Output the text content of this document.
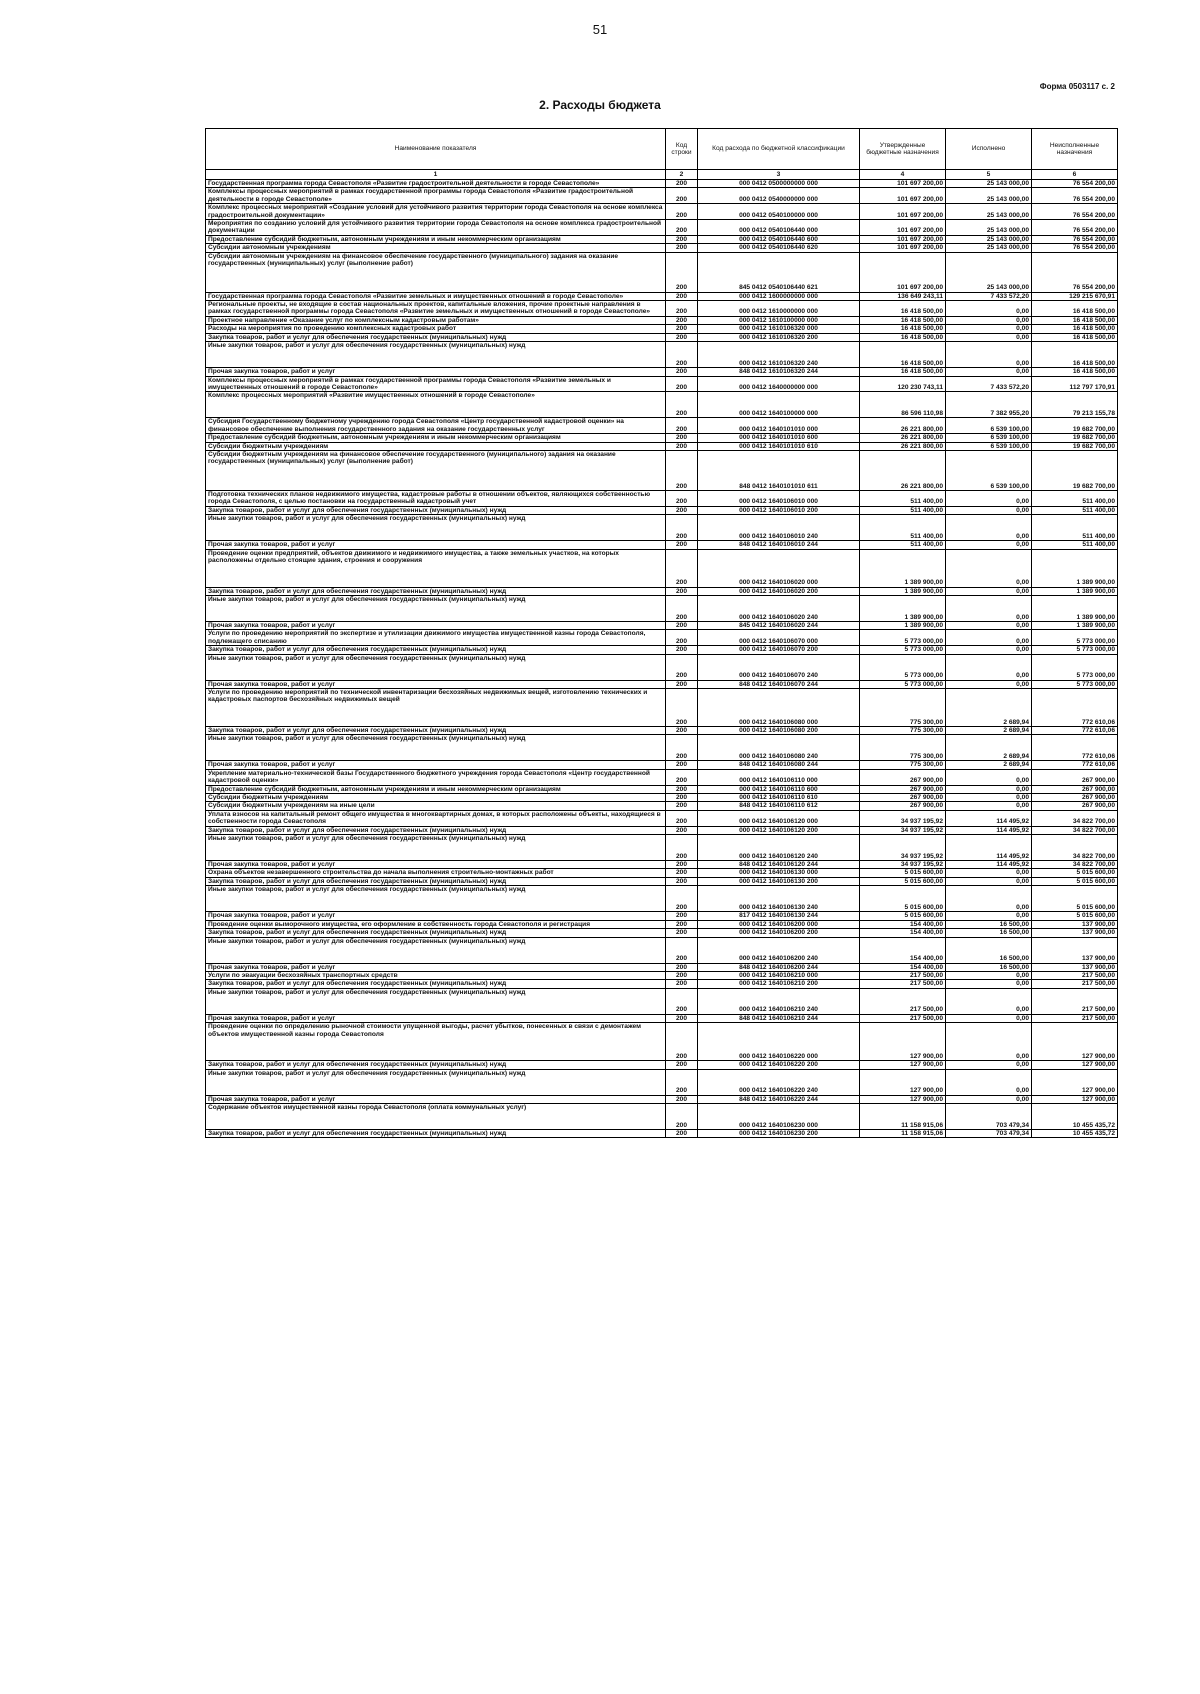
51
Форма 0503117 с. 2
2. Расходы бюджета
Наименование показателя	Код строки	Код расхода по бюджетной классификации	Утвержденные бюджетные назначения	Исполнено	Неисполненные назначения
1	2	3	4	5	6
Государственная программа города Севастополя «Развитие градостроительной деятельности в городе Севастополе»	200	000 0412 0500000000 000	101 697 200,00	25 143 000,00	76 554 200,00
Комплексы процессных мероприятий в рамках государственной программы города Севастополя «Развитие градостроительной деятельности в городе Севастополе»	200	000 0412 0540000000 000	101 697 200,00	25 143 000,00	76 554 200,00
Комплекс процессных мероприятий «Создание условий для устойчивого развития территории города Севастополя на основе комплекса градостроительной документации»	200	000 0412 0540100000 000	101 697 200,00	25 143 000,00	76 554 200,00
Мероприятия по созданию условий для устойчивого развития территории города Севастополя на основе комплекса градостроительной документации	200	000 0412 0540106440 000	101 697 200,00	25 143 000,00	76 554 200,00
Предоставление субсидий бюджетным, автономным учреждениям и иным некоммерческим организациям	200	000 0412 0540106440 600	101 697 200,00	25 143 000,00	76 554 200,00
Субсидии автономным учреждениям	200	000 0412 0540106440 620	101 697 200,00	25 143 000,00	76 554 200,00
Субсидии автономным учреждениям на финансовое обеспечение государственного (муниципального) задания на оказание государственных (муниципальных) услуг (выполнение работ)	200	845 0412 0540106440 621	101 697 200,00	25 143 000,00	76 554 200,00
Государственная программа города Севастополя «Развитие земельных и имущественных отношений в городе Севастополе»	200	000 0412 1600000000 000	136 649 243,11	7 433 572,20	129 215 670,91
Региональные проекты, не входящие в состав национальных проектов, капитальные вложения, прочие проектные направления в рамках государственной программы города Севастополя «Развитие земельных и имущественных отношений в городе Севастополе»	200	000 0412 1610000000 000	16 418 500,00	0,00	16 418 500,00
Проектное направление «Оказание услуг по комплексным кадастровым работам»	200	000 0412 1610100000 000	16 418 500,00	0,00	16 418 500,00
Расходы на мероприятия по проведению комплексных кадастровых работ	200	000 0412 1610106320 000	16 418 500,00	0,00	16 418 500,00
Закупка товаров, работ и услуг для обеспечения государственных (муниципальных) нужд	200	000 0412 1610106320 200	16 418 500,00	0,00	16 418 500,00
Иные закупки товаров, работ и услуг для обеспечения государственных (муниципальных) нужд	200	000 0412 1610106320 240	16 418 500,00	0,00	16 418 500,00
Прочая закупка товаров, работ и услуг	200	848 0412 1610106320 244	16 418 500,00	0,00	16 418 500,00
Комплексы процессных мероприятий в рамках государственной программы города Севастополя «Развитие земельных и имущественных отношений в городе Севастополе»	200	000 0412 1640000000 000	120 230 743,11	7 433 572,20	112 797 170,91
Комплекс процессных мероприятий «Развитие имущественных отношений в городе Севастополе»	200	000 0412 1640100000 000	86 596 110,98	7 382 955,20	79 213 155,78
Субсидия Государственному бюджетному учреждению города Севастополя «Центр государственной кадастровой оценки» на финансовое обеспечение выполнения государственного задания на оказание государственных услуг	200	000 0412 1640101010 000	26 221 800,00	6 539 100,00	19 682 700,00
Предоставление субсидий бюджетным, автономным учреждениям и иным некоммерческим организациям	200	000 0412 1640101010 600	26 221 800,00	6 539 100,00	19 682 700,00
Субсидии бюджетным учреждениям	200	000 0412 1640101010 610	26 221 800,00	6 539 100,00	19 682 700,00
Субсидии бюджетным учреждениям на финансовое обеспечение государственного (муниципального) задания на оказание государственных (муниципальных) услуг (выполнение работ)	200	848 0412 1640101010 611	26 221 800,00	6 539 100,00	19 682 700,00
Подготовка технических планов недвижимого имущества, кадастровые работы в отношении объектов, являющихся собственностью города Севастополя, с целью постановки на государственный кадастровый учет	200	000 0412 1640106010 000	511 400,00	0,00	511 400,00
Закупка товаров, работ и услуг для обеспечения государственных (муниципальных) нужд	200	000 0412 1640106010 200	511 400,00	0,00	511 400,00
Иные закупки товаров, работ и услуг для обеспечения государственных (муниципальных) нужд	200	000 0412 1640106010 240	511 400,00	0,00	511 400,00
Прочая закупка товаров, работ и услуг	200	848 0412 1640106010 244	511 400,00	0,00	511 400,00
Проведение оценки предприятий, объектов движимого и недвижимого имущества, а также земельных участков, на которых расположены отдельно стоящие здания, строения и сооружения	200	000 0412 1640106020 000	1 389 900,00	0,00	1 389 900,00
Закупка товаров, работ и услуг для обеспечения государственных (муниципальных) нужд	200	000 0412 1640106020 200	1 389 900,00	0,00	1 389 900,00
Иные закупки товаров, работ и услуг для обеспечения государственных (муниципальных) нужд	200	000 0412 1640106020 240	1 389 900,00	0,00	1 389 900,00
Прочая закупка товаров, работ и услуг	200	845 0412 1640106020 244	1 389 900,00	0,00	1 389 900,00
Услуги по проведению мероприятий по экспертизе и утилизации движимого имущества имущественной казны города Севастополя, подлежащего списанию	200	000 0412 1640106070 000	5 773 000,00	0,00	5 773 000,00
Закупка товаров, работ и услуг для обеспечения государственных (муниципальных) нужд	200	000 0412 1640106070 200	5 773 000,00	0,00	5 773 000,00
Иные закупки товаров, работ и услуг для обеспечения государственных (муниципальных) нужд	200	000 0412 1640106070 240	5 773 000,00	0,00	5 773 000,00
Прочая закупка товаров, работ и услуг	200	848 0412 1640106070 244	5 773 000,00	0,00	5 773 000,00
Услуги по проведению мероприятий по технической инвентаризации бесхозяйных недвижимых вещей, изготовлению технических и кадастровых паспортов бесхозяйных недвижимых вещей	200	000 0412 1640106080 000	775 300,00	2 689,94	772 610,06
Закупка товаров, работ и услуг для обеспечения государственных (муниципальных) нужд	200	000 0412 1640106080 200	775 300,00	2 689,94	772 610,06
Иные закупки товаров, работ и услуг для обеспечения государственных (муниципальных) нужд	200	000 0412 1640106080 240	775 300,00	2 689,94	772 610,06
Прочая закупка товаров, работ и услуг	200	848 0412 1640106080 244	775 300,00	2 689,94	772 610,06
Укрепление материально-технической базы Государственного бюджетного учреждения города Севастополя «Центр государственной кадастровой оценки»	200	000 0412 1640106110 000	267 900,00	0,00	267 900,00
Предоставление субсидий бюджетным, автономным учреждениям и иным некоммерческим организациям	200	000 0412 1640106110 600	267 900,00	0,00	267 900,00
Субсидии бюджетным учреждениям	200	000 0412 1640106110 610	267 900,00	0,00	267 900,00
Субсидии бюджетным учреждениям на иные цели	200	848 0412 1640106110 612	267 900,00	0,00	267 900,00
Уплата взносов на капитальный ремонт общего имущества в многоквартирных домах, в которых расположены объекты, находящиеся в собственности города Севастополя	200	000 0412 1640106120 000	34 937 195,92	114 495,92	34 822 700,00
Закупка товаров, работ и услуг для обеспечения государственных (муниципальных) нужд	200	000 0412 1640106120 200	34 937 195,92	114 495,92	34 822 700,00
Иные закупки товаров, работ и услуг для обеспечения государственных (муниципальных) нужд	200	000 0412 1640106120 240	34 937 195,92	114 495,92	34 822 700,00
Прочая закупка товаров, работ и услуг	200	848 0412 1640106120 244	34 937 195,92	114 495,92	34 822 700,00
Охрана объектов незавершенного строительства до начала выполнения строительно-монтажных работ	200	000 0412 1640106130 000	5 015 600,00	0,00	5 015 600,00
Закупка товаров, работ и услуг для обеспечения государственных (муниципальных) нужд	200	000 0412 1640106130 200	5 015 600,00	0,00	5 015 600,00
Иные закупки товаров, работ и услуг для обеспечения государственных (муниципальных) нужд	200	000 0412 1640106130 240	5 015 600,00	0,00	5 015 600,00
Прочая закупка товаров, работ и услуг	200	817 0412 1640106130 244	5 015 600,00	0,00	5 015 600,00
Проведение оценки выморочного имущества, его оформление в собственность города Севастополя и регистрация	200	000 0412 1640106200 000	154 400,00	16 500,00	137 900,00
Закупка товаров, работ и услуг для обеспечения государственных (муниципальных) нужд	200	000 0412 1640106200 200	154 400,00	16 500,00	137 900,00
Иные закупки товаров, работ и услуг для обеспечения государственных (муниципальных) нужд	200	000 0412 1640106200 240	154 400,00	16 500,00	137 900,00
Прочая закупка товаров, работ и услуг	200	848 0412 1640106200 244	154 400,00	16 500,00	137 900,00
Услуги по эвакуации бесхозяйных транспортных средств	200	000 0412 1640106210 000	217 500,00	0,00	217 500,00
Закупка товаров, работ и услуг для обеспечения государственных (муниципальных) нужд	200	000 0412 1640106210 200	217 500,00	0,00	217 500,00
Иные закупки товаров, работ и услуг для обеспечения государственных (муниципальных) нужд	200	000 0412 1640106210 240	217 500,00	0,00	217 500,00
Прочая закупка товаров, работ и услуг	200	848 0412 1640106210 244	217 500,00	0,00	217 500,00
Проведение оценки по определению рыночной стоимости упущенной выгоды, расчет убытков, понесенных в связи с демонтажем объектов имущественной казны города Севастополя	200	000 0412 1640106220 000	127 900,00	0,00	127 900,00
Закупка товаров, работ и услуг для обеспечения государственных (муниципальных) нужд	200	000 0412 1640106220 200	127 900,00	0,00	127 900,00
Иные закупки товаров, работ и услуг для обеспечения государственных (муниципальных) нужд	200	000 0412 1640106220 240	127 900,00	0,00	127 900,00
Прочая закупка товаров, работ и услуг	200	848 0412 1640106220 244	127 900,00	0,00	127 900,00
Содержание объектов имущественной казны города Севастополя (оплата коммунальных услуг)	200	000 0412 1640106230 000	11 158 915,06	703 479,34	10 455 435,72
Закупка товаров, работ и услуг для обеспечения государственных (муниципальных) нужд	200	000 0412 1640106230 200	11 158 915,06	703 479,34	10 455 435,72
